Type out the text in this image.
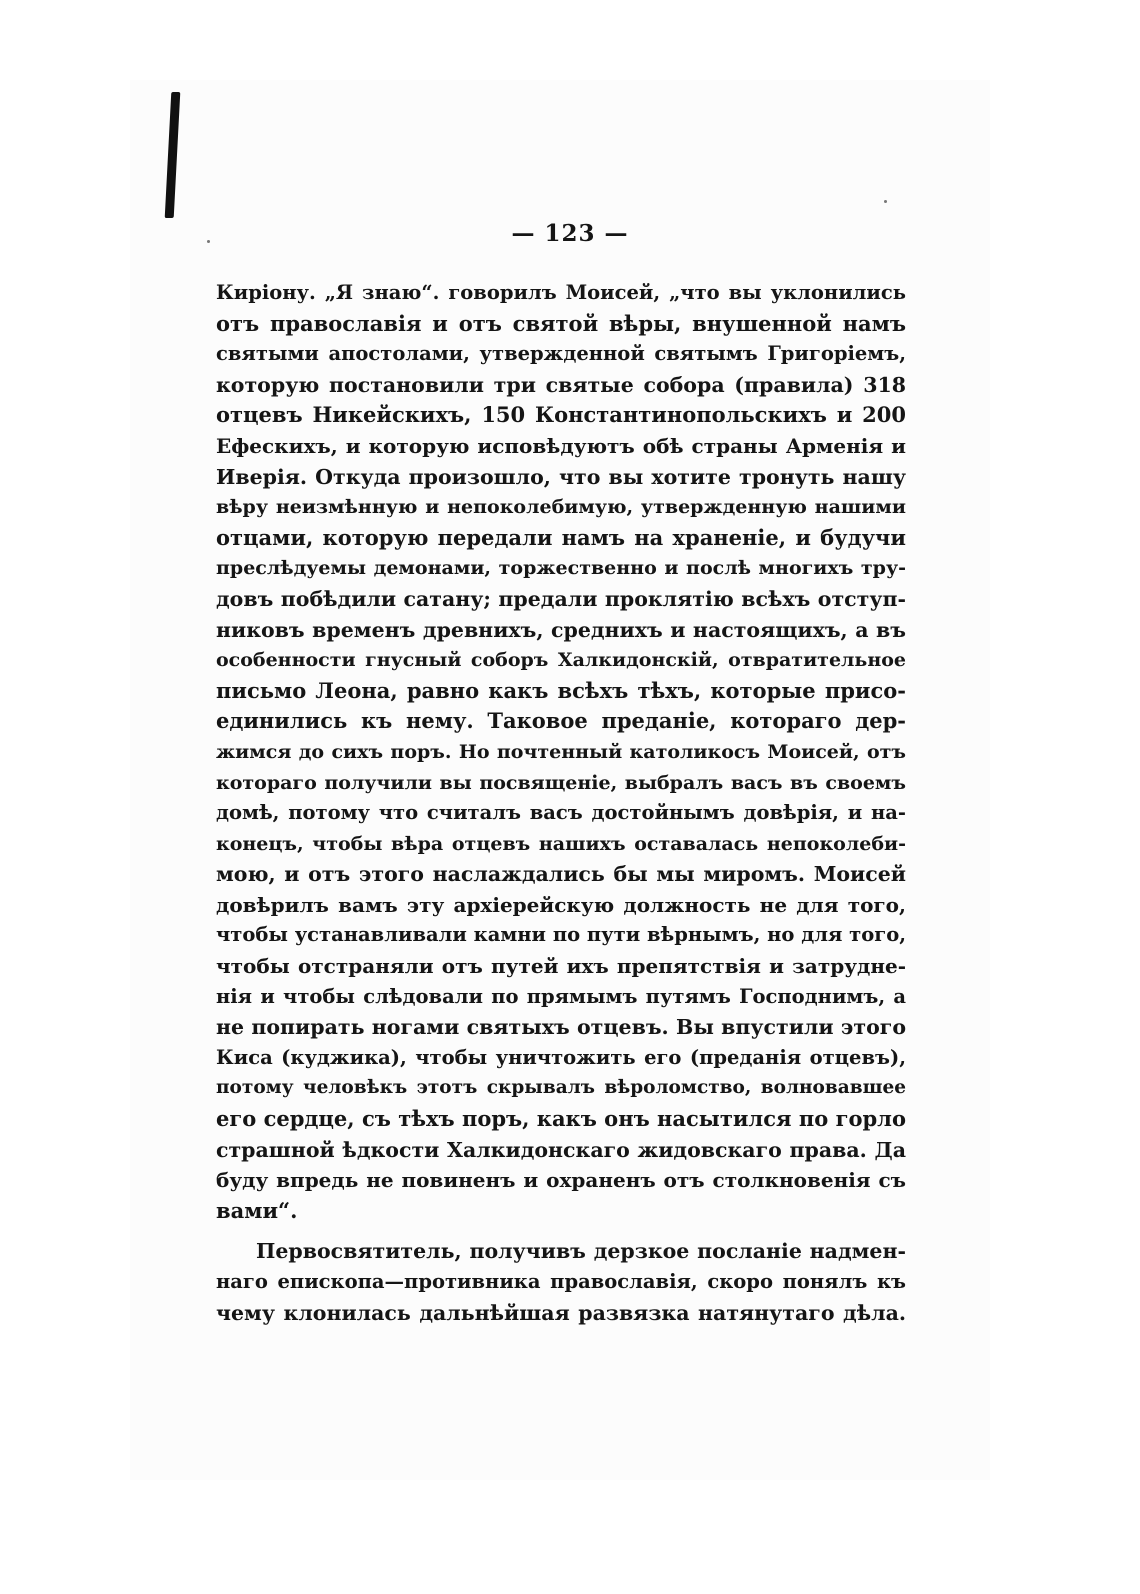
— 123 —
Киріону. „Я знаю“. говорилъ Моисей, „что вы уклонились
отъ православія и отъ святой вѣры, внушенной намъ
святыми апостолами, утвержденной святымъ Григоріемъ,
которую постановили три святые собора (правила) 318
отцевъ Никейскихъ, 150 Константинопольскихъ и 200
Ефескихъ, и которую исповѣдуютъ обѣ страны Арменія и
Иверія. Откуда произошло, что вы хотите тронуть нашу
вѣру неизмѣнную и непоколебимую, утвержденную нашими
отцами, которую передали намъ на храненіе, и будучи
преслѣдуемы демонами, торжественно и послѣ многихъ тру-
довъ побѣдили сатану; предали проклятію всѣхъ отступ-
никовъ временъ древнихъ, среднихъ и настоящихъ, а въ
особенности гнусный соборъ Халкидонскій, отвратительное
письмо Леона, равно какъ всѣхъ тѣхъ, которые присо-
единились къ нему. Таковое преданіе, котораго дер-
жимся до сихъ поръ. Но почтенный католикосъ Моисей, отъ
котораго получили вы посвященіе, выбралъ васъ въ своемъ
домѣ, потому что считалъ васъ достойнымъ довѣрія, и на-
конецъ, чтобы вѣра отцевъ нашихъ оставалась непоколеби-
мою, и отъ этого наслаждались бы мы миромъ. Моисей
довѣрилъ вамъ эту архіерейскую должность не для того,
чтобы устанавливали камни по пути вѣрнымъ, но для того,
чтобы отстраняли отъ путей ихъ препятствія и затрудне-
нія и чтобы слѣдовали по прямымъ путямъ Господнимъ, а
не попирать ногами святыхъ отцевъ. Вы впустили этого
Киса (куджика), чтобы уничтожить его (преданія отцевъ),
потому человѣкъ этотъ скрывалъ вѣроломство, волновавшее
его сердце, съ тѣхъ поръ, какъ онъ насытился по горло
страшной ѣдкости Халкидонскаго жидовскаго права. Да
буду впредь не повиненъ и охраненъ отъ столкновенія съ
вами“.
Первосвятитель, получивъ дерзкое посланіе надмен-
наго епископа—противника православія, скоро понялъ къ
чему клонилась дальнѣйшая развязка натянутаго дѣла.
